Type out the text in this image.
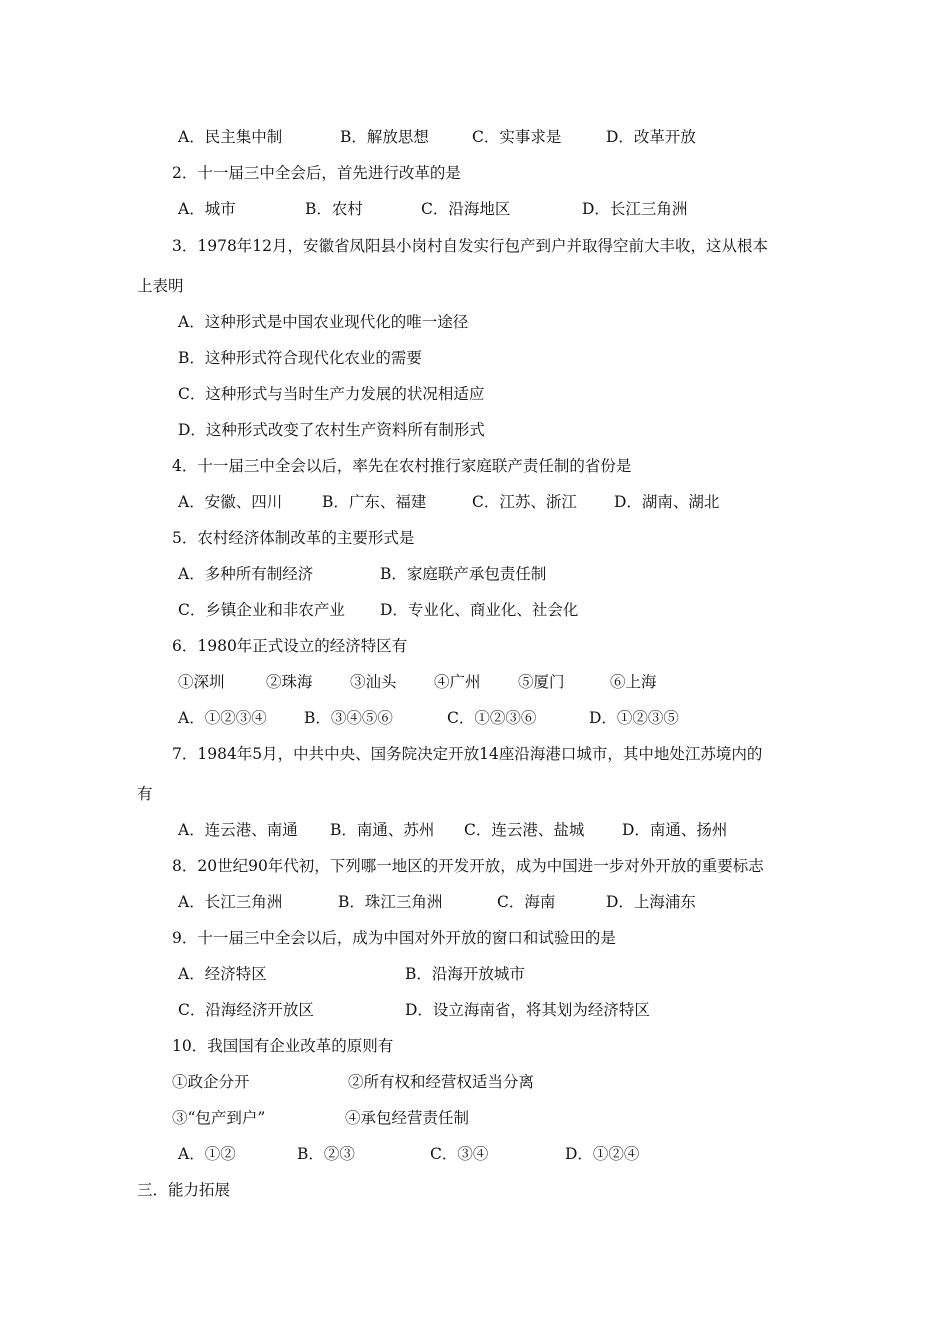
A．民主集中制	B．解放思想	C．实事求是	D．改革开放
2．十一届三中全会后，首先进行改革的是
A．城市	B．农村	C．沿海地区	D．长江三角洲
3．1978年12月，安徽省凤阳县小岗村自发实行包产到户并取得空前大丰收，这从根本
上表明
A．这种形式是中国农业现代化的唯一途径
B．这种形式符合现代化农业的需要
C．这种形式与当时生产力发展的状况相适应
D．这种形式改变了农村生产资料所有制形式
4．十一届三中全会以后，率先在农村推行家庭联产责任制的省份是
A．安徽、四川	B．广东、福建	C．江苏、浙江 D．湖南、湖北
5．农村经济体制改革的主要形式是
A．多种所有制经济	B．家庭联产承包责任制
C．乡镇企业和非农产业 D．专业化、商业化、社会化
6．1980年正式设立的经济特区有
①深圳	②珠海 ③汕头 ④广州 ⑤厦门	⑥上海
A．①②③④ B．③④⑤⑥	C．①②③⑥	D．①②③⑤
7．1984年5月，中共中央、国务院决定开放14座沿海港口城市，其中地处江苏境内的
有
A．连云港、南通 B．南通、苏州 C．连云港、盐城 D．南通、扬州
8．20世纪90年代初，下列哪一地区的开发开放，成为中国进一步对外开放的重要标志
A．长江三角洲	B．珠江三角洲	C．海南	D．上海浦东
9．十一届三中全会以后，成为中国对外开放的窗口和试验田的是
A．经济特区	B．沿海开放城市
C．沿海经济开放区	D．设立海南省，将其划为经济特区
10．我国国有企业改革的原则有
①政企分开	②所有权和经营权适当分离
③“包产到户”	④承包经营责任制
A．①②	B．②③	C．③④	D．①②④
三．能力拓展
